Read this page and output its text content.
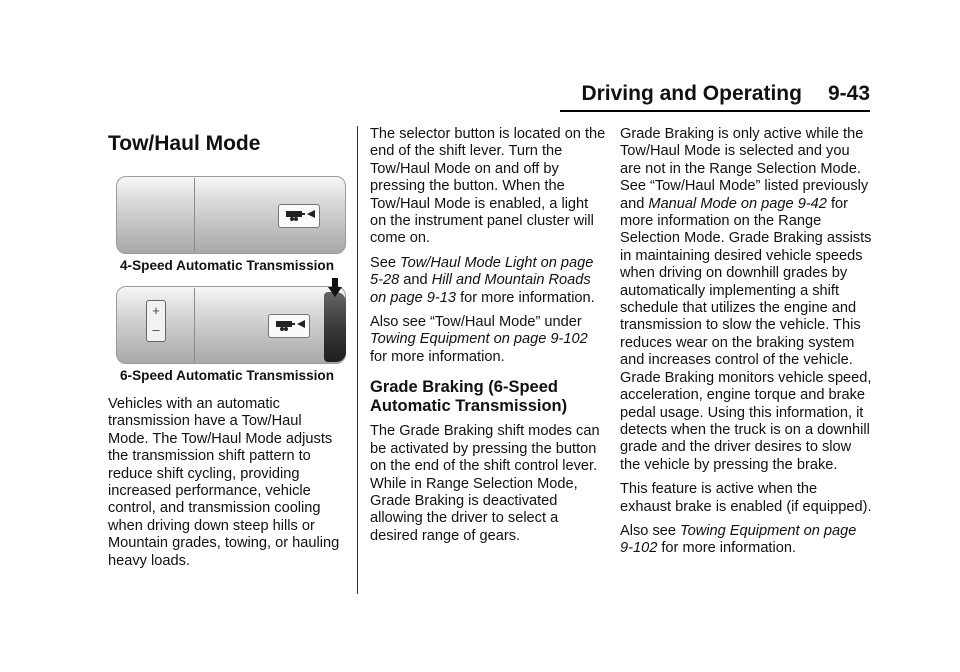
Driving and Operating 9-43
Tow/Haul Mode
4-Speed Automatic Transmission
+
–
6-Speed Automatic Transmission

Vehicles with an automatic transmission have a Tow/Haul Mode. The Tow/Haul Mode adjusts the transmission shift pattern to reduce shift cycling, providing increased performance, vehicle control, and transmission cooling when driving down steep hills or Mountain grades, towing, or hauling heavy loads.

The selector button is located on the end of the shift lever. Turn the Tow/Haul Mode on and off by pressing the button. When the Tow/Haul Mode is enabled, a light on the instrument panel cluster will come on.

See Tow/Haul Mode Light on page 5-28 and Hill and Mountain Roads on page 9-13 for more information.

Also see “Tow/Haul Mode” under Towing Equipment on page 9-102 for more information.

Grade Braking (6-Speed Automatic Transmission)

The Grade Braking shift modes can be activated by pressing the button on the end of the shift control lever. While in Range Selection Mode, Grade Braking is deactivated allowing the driver to select a desired range of gears.

Grade Braking is only active while the Tow/Haul Mode is selected and you are not in the Range Selection Mode. See “Tow/Haul Mode” listed previously and Manual Mode on page 9-42 for more information on the Range Selection Mode. Grade Braking assists in maintaining desired vehicle speeds when driving on downhill grades by automatically implementing a shift schedule that utilizes the engine and transmission to slow the vehicle. This reduces wear on the braking system and increases control of the vehicle. Grade Braking monitors vehicle speed, acceleration, engine torque and brake pedal usage. Using this information, it detects when the truck is on a downhill grade and the driver desires to slow the vehicle by pressing the brake.

This feature is active when the exhaust brake is enabled (if equipped).

Also see Towing Equipment on page 9-102 for more information.
